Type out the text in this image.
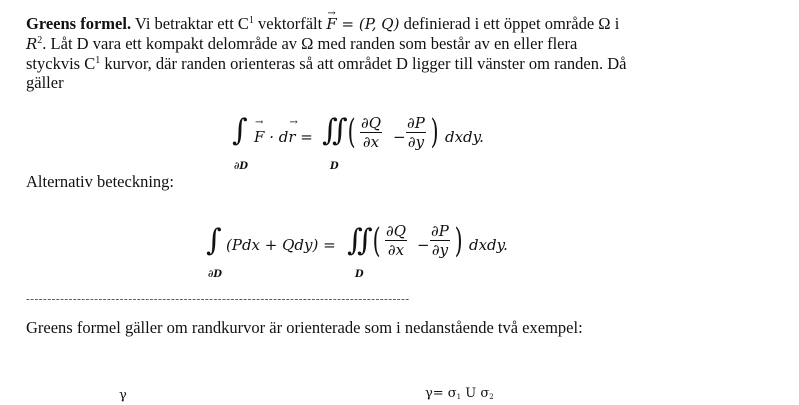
Greens formel. Vi betraktar ett $C^1$ vektorfält → F = (P, Q) definierad i ett öppet område Ω i
$R^2$. Låt D vara ett kompakt delområde av Ω med randen som består av en eller flera
styckvis $C^1$ kurvor, där randen orienteras så att området D ligger till vänster om randen. Då
gäller
∫
∂D
→ F · d→ r = ∬
D
( $\frac{\partial Q}{\partial x} - \frac{\partial P}{\partial y}$ ) dxdy.
Alternativ beteckning:
∫
∂D
(Pdx + Qdy) = ∬
D
( $\frac{\partial Q}{\partial x} - \frac{\partial P}{\partial y}$ ) dxdy.
------------------------------------------------------------------------------------------
Greens formel gäller om randkurvor är orienterade som i nedanstående två exempel:
γ	γ= σ1 U σ2
